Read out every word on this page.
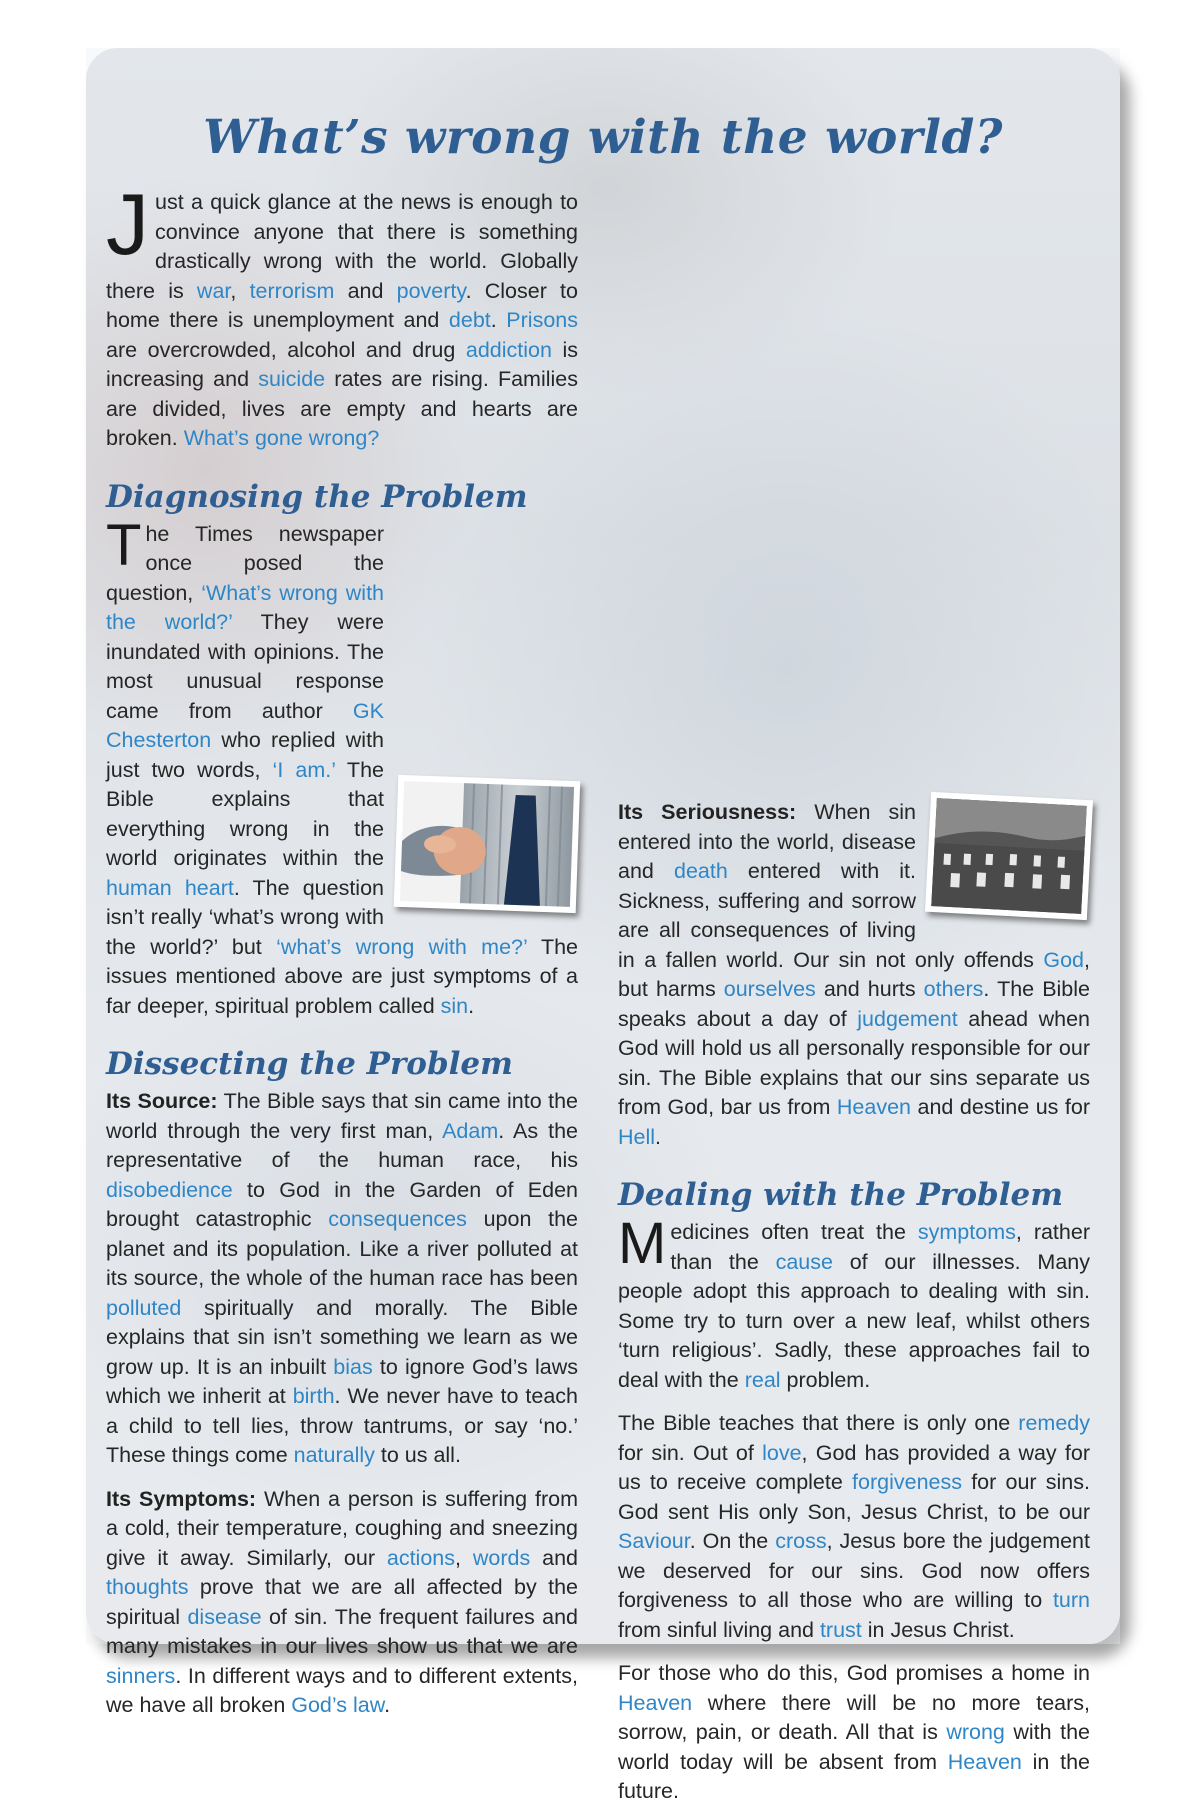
What’s wrong with the world?

Just a quick glance at the news is enough to convince anyone that there is something drastically wrong with the world. Globally there is war, terrorism and poverty. Closer to home there is unemployment and debt. Prisons are overcrowded, alcohol and drug addiction is increasing and suicide rates are rising. Families are divided, lives are empty and hearts are broken. What’s gone wrong?

Diagnosing the Problem

T he Times newspaper once posed the question, ‘What’s wrong with the world?’ They were inundated with opinions. The most unusual response came from author GK Chesterton who replied with just two words, ‘I am.’ The Bible explains that everything wrong in the world originates within the human heart. The question isn’t really ‘what’s wrong with the world?’ but ‘what’s wrong with me?’ The issues mentioned above are just symptoms of a far deeper, spiritual problem called sin.

Dissecting the Problem

Its Source: The Bible says that sin came into the world through the very first man, Adam. As the representative of the human race, his disobedience to God in the Garden of Eden brought catastrophic consequences upon the planet and its population. Like a river polluted at its source, the whole of the human race has been polluted spiritually and morally. The Bible explains that sin isn’t something we learn as we grow up. It is an inbuilt bias to ignore God’s laws which we inherit at birth. We never have to teach a child to tell lies, throw tantrums, or say ‘no.’ These things come naturally to us all.

Its Symptoms: When a person is suffering from a cold, their temperature, coughing and sneezing give it away. Similarly, our actions, words and thoughts prove that we are all affected by the spiritual disease of sin. The frequent failures and many mistakes in our lives show us that we are sinners. In different ways and to different extents, we have all broken God’s law.

Its Seriousness: When sin entered into the world, disease and death entered with it. Sickness, suffering and sorrow are all consequences of living in a fallen world. Our sin not only offends God, but harms ourselves and hurts others. The Bible speaks about a day of judgement ahead when God will hold us all personally responsible for our sin. The Bible explains that our sins separate us from God, bar us from Heaven and destine us for Hell.

Dealing with the Problem

Medicines often treat the symptoms, rather than the cause of our illnesses. Many people adopt this approach to dealing with sin. Some try to turn over a new leaf, whilst others ‘turn religious’. Sadly, these approaches fail to deal with the real problem.

The Bible teaches that there is only one remedy for sin. Out of love, God has provided a way for us to receive complete forgiveness for our sins. God sent His only Son, Jesus Christ, to be our Saviour. On the cross, Jesus bore the judgement we deserved for our sins. God now offers forgiveness to all those who are willing to turn from sinful living and trust in Jesus Christ.

For those who do this, God promises a home in Heaven where there will be no more tears, sorrow, pain, or death. All that is wrong with the world today will be absent from Heaven in the future.
